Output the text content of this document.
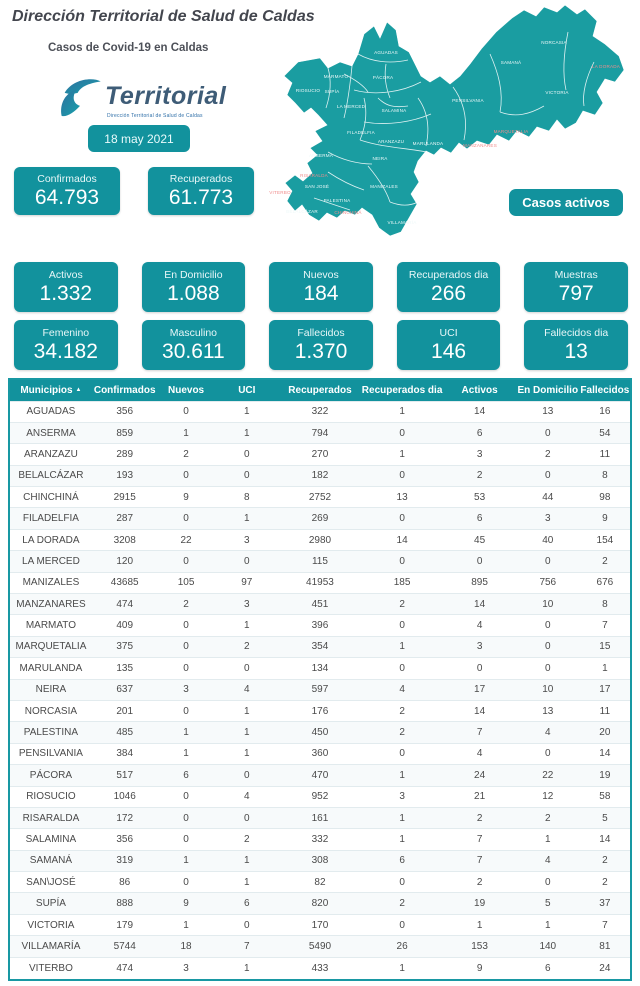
Dirección Territorial de Salud de Caldas
Casos de Covid-19 en Caldas
Territorial
Dirección Territorial de Salud de Caldas
18 may 2021
Confirmados
64.793
Recuperados
61.773
AGUADAS
PÁCORA
MARMATO
SUPÍA
RIOSUCIO
LA MERCED
SALAMINA
FILADELFIA
ARANZAZU MARULANDA	MANZANARES
MARQUETALIA
PENSILVANIA
SAMANÁ
NORCASIA
LA DORADA
VICTORIA
NEIRA
ANSERMA
RISARALDA
SAN JOSÉ
VITERBO
BELALCÁZAR
PALESTINA
CHINCHINÁ
MANIZALES
VILLAMARÍA
Casos activos
Activos
1.332
En Domicilio
1.088
Nuevos
184
Recuperados dia
266
Muestras
797
Femenino
34.182
Masculino
30.611
Fallecidos
1.370
UCI
146
Fallecidos dia
13
Municipios ▲	Confirmados	Nuevos	UCI	Recuperados	Recuperados dia	Activos	En Domicilio	Fallecidos
AGUADAS	356	0	1	322	1	14	13	16
ANSERMA	859	1	1	794	0	6	0	54
ARANZAZU	289	2	0	270	1	3	2	11
BELALCÁZAR	193	0	0	182	0	2	0	8
CHINCHINÁ	2915	9	8	2752	13	53	44	98
FILADELFIA	287	0	1	269	0	6	3	9
LA DORADA	3208	22	3	2980	14	45	40	154
LA MERCED	120	0	0	115	0	0	0	2
MANIZALES	43685	105	97	41953	185	895	756	676
MANZANARES	474	2	3	451	2	14	10	8
MARMATO	409	0	1	396	0	4	0	7
MARQUETALIA	375	0	2	354	1	3	0	15
MARULANDA	135	0	0	134	0	0	0	1
NEIRA	637	3	4	597	4	17	10	17
NORCASIA	201	0	1	176	2	14	13	11
PALESTINA	485	1	1	450	2	7	4	20
PENSILVANIA	384	1	1	360	0	4	0	14
PÁCORA	517	6	0	470	1	24	22	19
RIOSUCIO	1046	0	4	952	3	21	12	58
RISARALDA	172	0	0	161	1	2	2	5
SALAMINA	356	0	2	332	1	7	1	14
SAMANÁ	319	1	1	308	6	7	4	2
SAN\JOSÉ	86	0	1	82	0	2	0	2
SUPÍA	888	9	6	820	2	19	5	37
VICTORIA	179	1	0	170	0	1	1	7
VILLAMARÍA	5744	18	7	5490	26	153	140	81
VITERBO	474	3	1	433	1	9	6	24
